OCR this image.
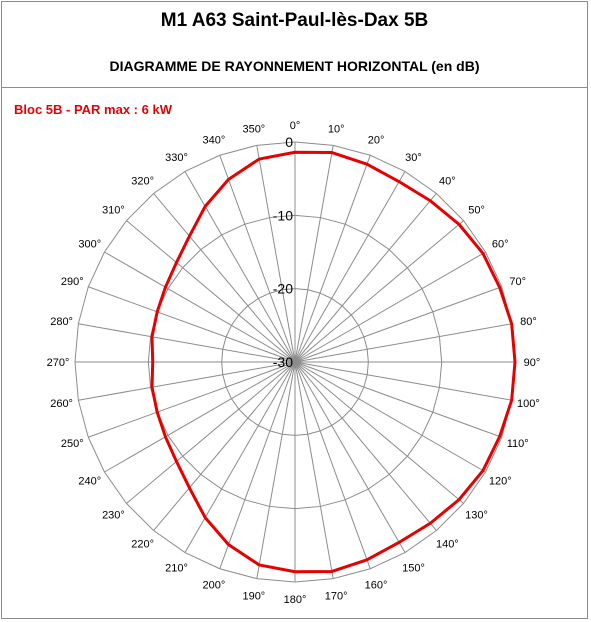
M1 A63 Saint-Paul-lès-Dax 5B
DIAGRAMME DE RAYONNEMENT HORIZONTAL (en dB)
Bloc 5B - PAR max : 6 kW
0°	10°
20°
30°
40°
50°
60°
70°
80°
90°
100°
110°
120°
130°
140°
150°
160°
170°
180°
190°
200°
210°
220°
230°
240°
250°
260°
270°
280°
290°
300°
310°
320°
330°
340°
350°
0
-10
-20
-30
